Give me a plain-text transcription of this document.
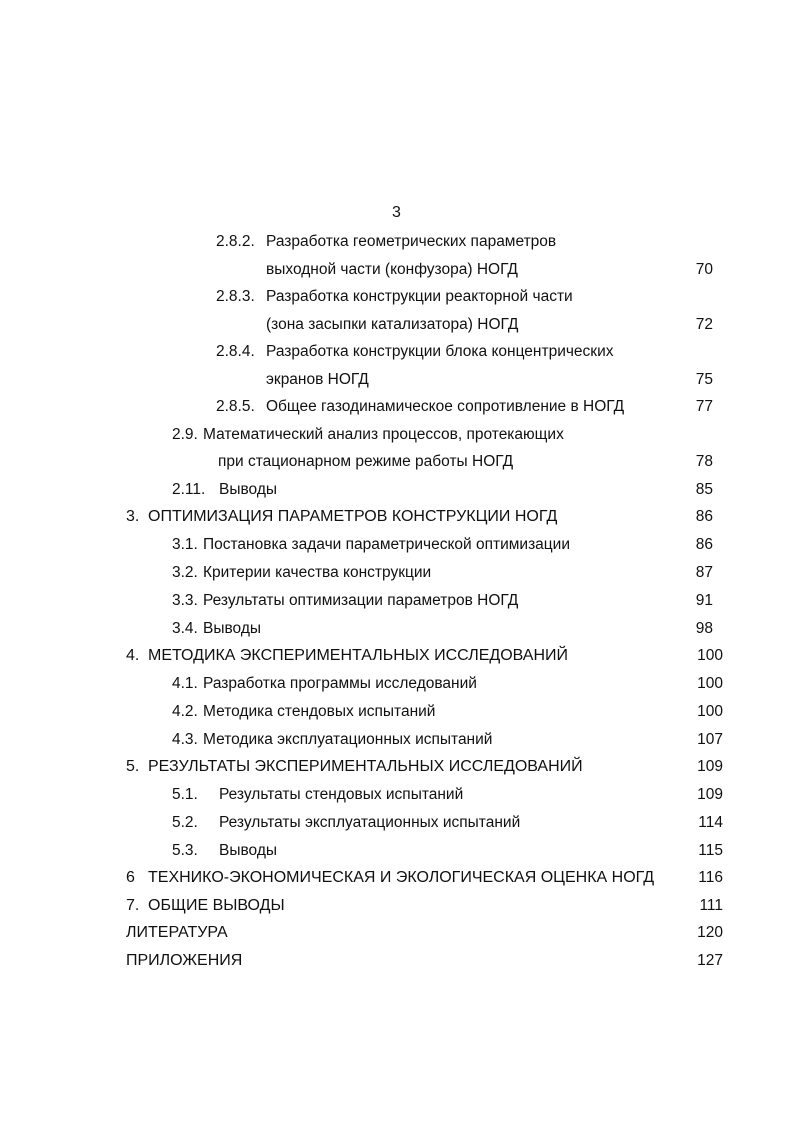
3
2.8.2. Разработка геометрических параметров
выходной части (конфузора) НОГД	70
2.8.3. Разработка конструкции реакторной части
(зона засыпки катализатора) НОГД	72
2.8.4. Разработка конструкции блока концентрических
экранов НОГД	75
2.8.5. Общее газодинамическое сопротивление в НОГД	77
2.9. Математический анализ процессов, протекающих
при стационарном режиме работы НОГД	78
2.11. Выводы	85
3. ОПТИМИЗАЦИЯ ПАРАМЕТРОВ КОНСТРУКЦИИ НОГД	86
3.1. Постановка задачи параметрической оптимизации	86
3.2. Критерии качества конструкции	87
3.3. Результаты оптимизации параметров НОГД	91
3.4. Выводы	98
4. МЕТОДИКА ЭКСПЕРИМЕНТАЛЬНЫХ ИССЛЕДОВАНИЙ	100
4.1. Разработка программы исследований	100
4.2. Методика стендовых испытаний	100
4.3. Методика эксплуатационных испытаний	107
5. РЕЗУЛЬТАТЫ ЭКСПЕРИМЕНТАЛЬНЫХ ИССЛЕДОВАНИЙ	109
5.1. Результаты стендовых испытаний	109
5.2. Результаты эксплуатационных испытаний	114
5.3. Выводы	115
6 ТЕХНИКО-ЭКОНОМИЧЕСКАЯ И ЭКОЛОГИЧЕСКАЯ ОЦЕНКА НОГД	116
7. ОБЩИЕ ВЫВОДЫ	111
ЛИТЕРАТУРА	120
ПРИЛОЖЕНИЯ	127
